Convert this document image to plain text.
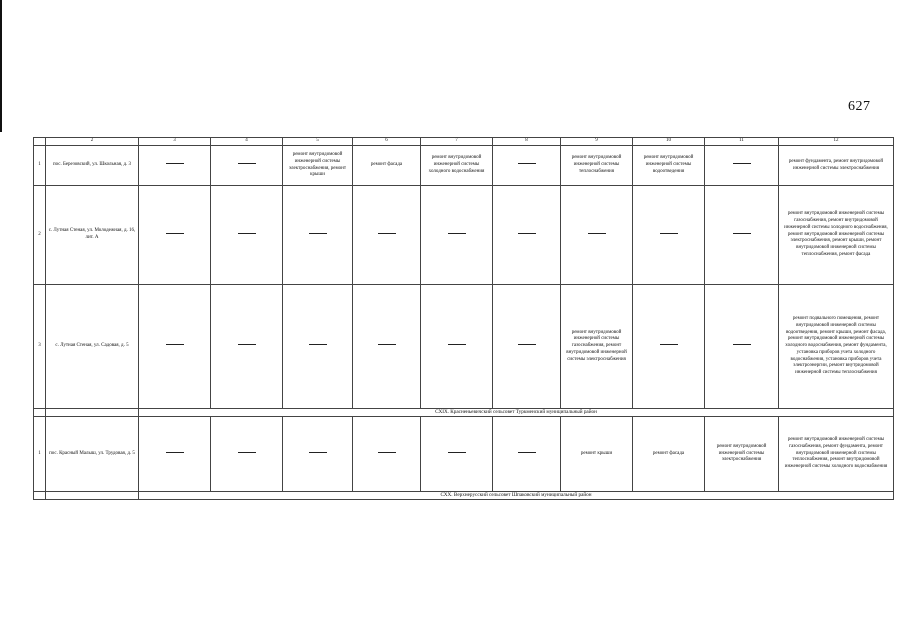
627
	2	3	4	5	6	7	8	9	10	11	12
1	пос. Березовский, ул. Школьная, д. 3			ремонт внутридомовой инженерной системы электроснабжения, ремонт крыши	ремонт фасада	ремонт внутридомовой инженерной системы холодного водоснабжения		ремонт внутридомовой инженерной системы теплоснабжения	ремонт внутридомовой инженерной системы водоотведения		ремонт фундамента, ремонт внутридомовой инженерной системы электроснабжения
2	с. Лутная Стеная, ул. Молодежная, д. 16, лит. А										ремонт внутридомовой инженерной системы газоснабжения, ремонт внутридомовой инженерной системы холодного водоснабжения, ремонт внутридомовой инженерной системы электроснабжения, ремонт крыши, ремонт внутридомовой инженерной системы теплоснабжения, ремонт фасада
3	с. Лутная Стеная, ул. Садовая, д. 5							ремонт внутридомовой инженерной системы газоснабжения, ремонт внутридомовой инженерной системы электроснабжения			ремонт подвального помещения, ремонт внутридомовой инженерной системы водоотведения, ремонт крыши, ремонт фасада, ремонт внутридомовой инженерной системы холодного водоснабжения, ремонт фундамента, установка приборов учета холодного водоснабжения, установка приборов учета электроэнергии, ремонт внутридомовой инженерной системы теплоснабжения
		СХIX. Красненьевичский сельсовет Туркменский муниципальный район									
1	пос. Красный Малыш, ул. Трудовая, д. 5							ремонт крыши	ремонт фасада	ремонт внутридомовой инженерной системы электроснабжения	ремонт внутридомовой инженерной системы газоснабжения, ремонт фундамента, ремонт внутридомовой инженерной системы теплоснабжения, ремонт внутридомовой инженерной системы холодного водоснабжения
		СХХ. Верхнерусский сельсовет Шпаковский муниципальный район									
